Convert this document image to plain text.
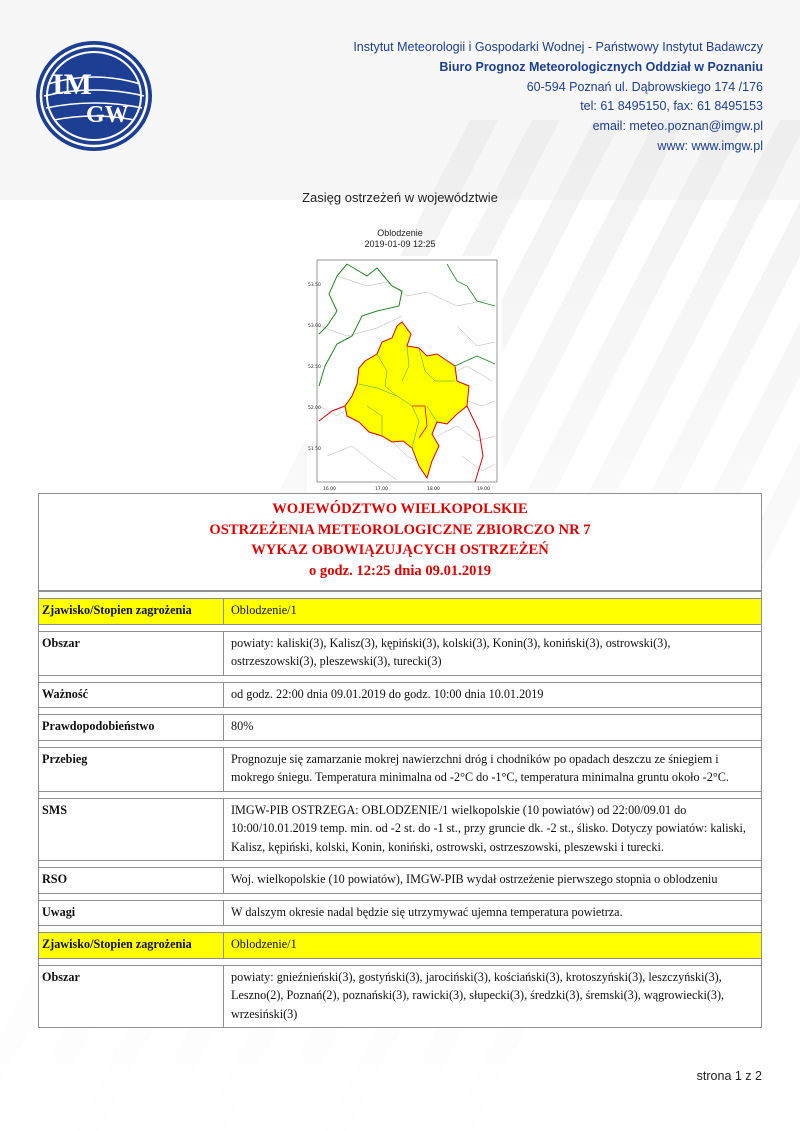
IM
GW
Instytut Meteorologii i Gospodarki Wodnej - Państwowy Instytut Badawczy
Biuro Prognoz Meteorologicznych Oddział w Poznaniu
60-594 Poznań ul. Dąbrowskiego 174 /176
tel: 61 8495150, fax: 61 8495153
email: meteo.poznan@imgw.pl
www: www.imgw.pl
Zasięg ostrzeżeń w województwie
Oblodzenie
2019-01-09 12:25
53.50
53.00
52.50
52.00
51.50
16.00	17.00	18.00	19.00
WOJEWÓDZTWO WIELKOPOLSKIE
OSTRZEŻENIA METEOROLOGICZNE ZBIORCZO NR 7
WYKAZ OBOWIĄZUJĄCYCH OSTRZEŻEŃ
o godz. 12:25 dnia 09.01.2019
Zjawisko/Stopien zagrożenia	Oblodzenie/1
Obszar	powiaty: kaliski(3), Kalisz(3), kępiński(3), kolski(3), Konin(3), koniński(3), ostrowski(3), ostrzeszowski(3), pleszewski(3), turecki(3)
Ważność	od godz. 22:00 dnia 09.01.2019 do godz. 10:00 dnia 10.01.2019
Prawdopodobieństwo	80%
Przebieg	Prognozuje się zamarzanie mokrej nawierzchni dróg i chodników po opadach deszczu ze śniegiem i mokrego śniegu. Temperatura minimalna od -2°C do -1°C, temperatura minimalna gruntu około -2°C.
SMS	IMGW-PIB OSTRZEGA: OBLODZENIE/1 wielkopolskie (10 powiatów) od 22:00/09.01 do 10:00/10.01.2019 temp. min. od -2 st. do -1 st., przy gruncie dk. -2 st., ślisko. Dotyczy powiatów: kaliski, Kalisz, kępiński, kolski, Konin, koniński, ostrowski, ostrzeszowski, pleszewski i turecki.
RSO	Woj. wielkopolskie (10 powiatów), IMGW-PIB wydał ostrzeżenie pierwszego stopnia o oblodzeniu
Uwagi	W dalszym okresie nadal będzie się utrzymywać ujemna temperatura powietrza.
Zjawisko/Stopien zagrożenia	Oblodzenie/1
Obszar	powiaty: gnieźnieński(3), gostyński(3), jarociński(3), kościański(3), krotoszyński(3), leszczyński(3), Leszno(2), Poznań(2), poznański(3), rawicki(3), słupecki(3), średzki(3), śremski(3), wągrowiecki(3), wrzesiński(3)
strona 1 z 2
